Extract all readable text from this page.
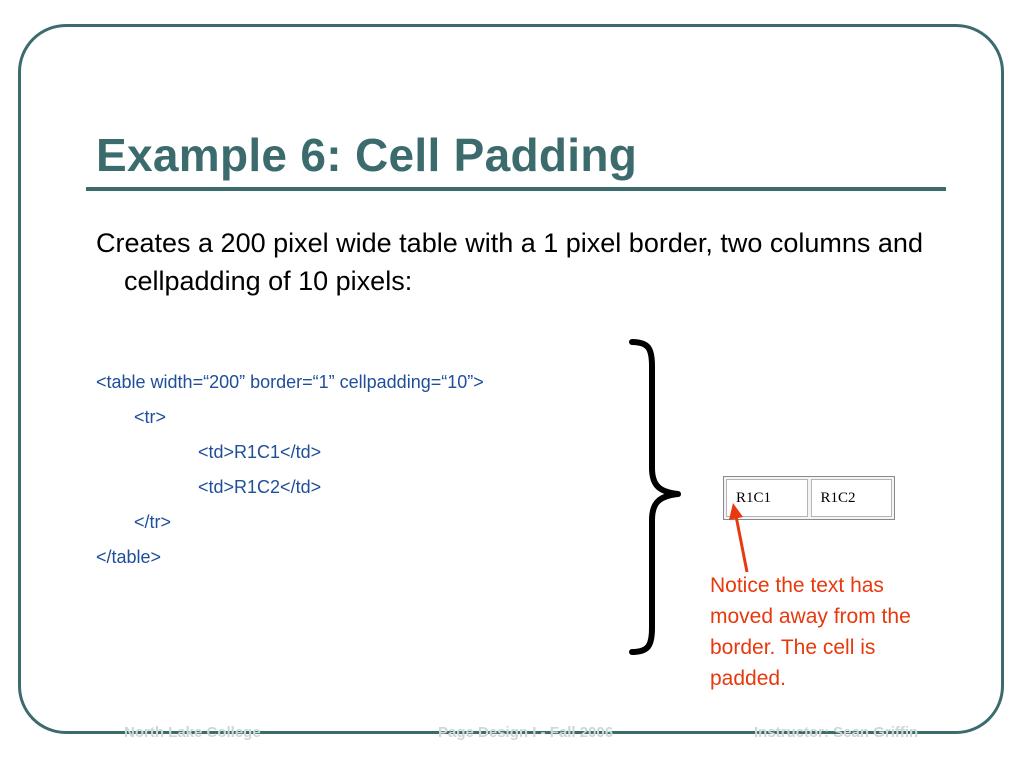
Example 6: Cell Padding

Creates a 200 pixel wide table with a 1 pixel border, two columns and cellpadding of 10 pixels:

<table width=“200” border=“1” cellpadding=“10”>

<tr>

<td>R1C1</td>

<td>R1C2</td>

</tr>

</table>

R1C1	R1C2

Notice the text has moved away from the border. The cell is padded.

North Lake College	Page Design I - Fall 2006	Instructor: Sean Griffin
